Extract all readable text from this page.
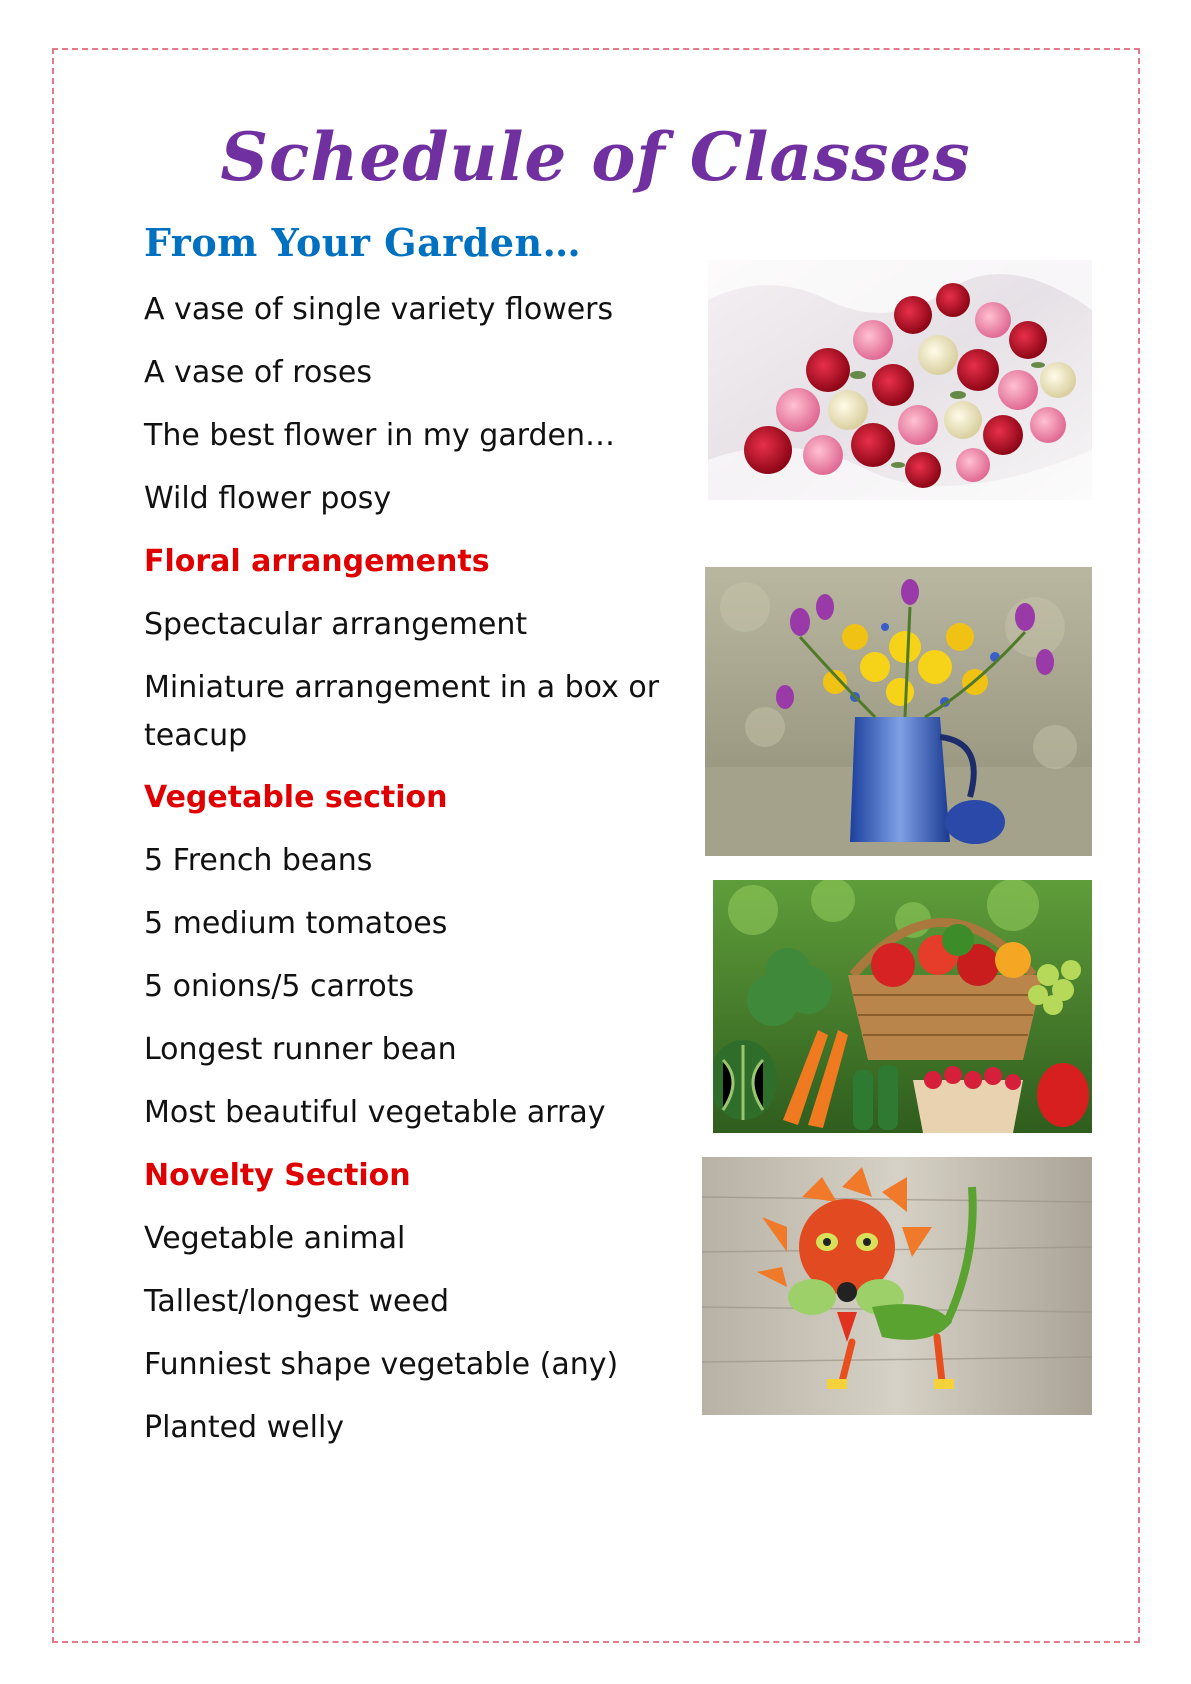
Schedule of Classes
From Your Garden…
A vase of single variety flowers
A vase of roses
The best flower in my garden…
Wild flower posy
Floral arrangements
Spectacular arrangement
Miniature arrangement in a box or teacup
Vegetable section
5 French beans
5 medium tomatoes
5 onions/5 carrots
Longest runner bean
Most beautiful vegetable array
Novelty Section
Vegetable animal
Tallest/longest weed
Funniest shape vegetable (any)
Planted welly
